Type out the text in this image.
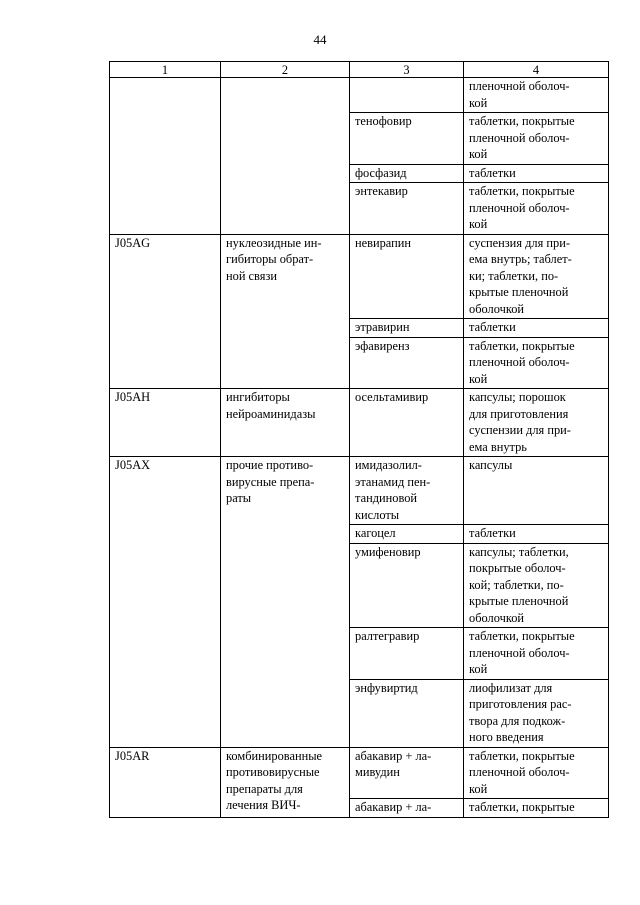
44
1	2	3	4

			пленочной оболоч-
кой

		тенофовир	таблетки, покрытые
пленочной оболоч-
кой

		фосфазид	таблетки

		энтекавир	таблетки, покрытые
пленочной оболоч-
кой

J05AG	нуклеозидные ин-
гибиторы обрат-
ной связи	невирапин	суспензия для при-
ема внутрь; таблет-
ки; таблетки, по-
крытые пленочной
оболочкой

		этравирин	таблетки

		эфавиренз	таблетки, покрытые
пленочной оболоч-
кой

J05AH	ингибиторы
нейроаминидазы	осельтамивир	капсулы; порошок
для приготовления
суспензии для при-
ема внутрь

J05AX	прочие противо-
вирусные препа-
раты	имидазолил-
этанамид пен-
тандиновой
кислоты	капсулы

		кагоцел	таблетки

		умифеновир	капсулы; таблетки,
покрытые оболоч-
кой; таблетки, по-
крытые пленочной
оболочкой

		ралтегравир	таблетки, покрытые
пленочной оболоч-
кой

		энфувиртид	лиофилизат для
приготовления рас-
твора для подкож-
ного введения

J05AR	комбинированные
противовирусные
препараты для
лечения ВИЧ-	абакавир + ла-
мивудин	таблетки, покрытые
пленочной оболоч-
кой

		абакавир + ла-	таблетки, покрытые
